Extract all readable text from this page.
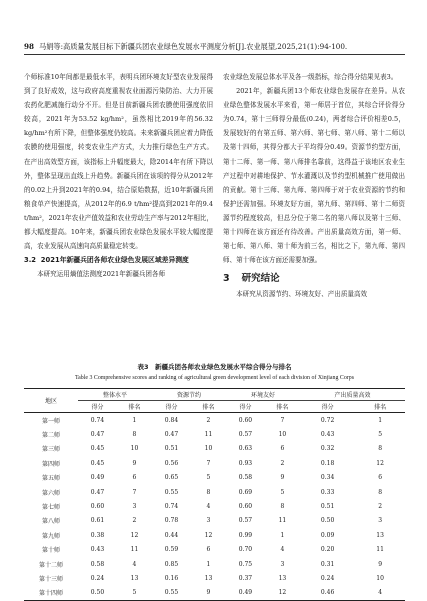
98 马娟等:高质量发展目标下新疆兵团农业绿色发展水平测度分析[J].农业展望,2025,21(1):94-100.

个师标准10年间都是最低水平，表明兵团环境友好型农业发展得到了良好成效，这与政府高度重视农业面源污染防治、大力开展农药化肥减施行动分不开。但是目前新疆兵团农膜使用强度依旧较高，2021年为53.52 kg/hm²，虽然相比2019年的56.32 kg/hm²有所下降，但整体强度仍较高。未来新疆兵团应着力降低农膜的使用强度，转变农业生产方式，大力推行绿色生产方式。在产出高效型方面，该指标上升幅度最大，除2014年有所下降以外，整体呈现出直线上升趋势。新疆兵团在该项的得分从2012年的0.02上升到2021年的0.94，结合原始数据，近10年新疆兵团粮食单产快速提高，从2012年的6.9 t/hm²提高到2021年的9.4 t/hm²，2021年农业产值效益和农业劳动生产率与2012年相比，都大幅度提高。10年来，新疆兵团农业绿色发展水平较大幅度提高，农业发展从高速向高质量稳定转变。

3.2 2021年新疆兵团各师农业绿色发展区域差异测度

本研究运用熵值法测度2021年新疆兵团各师

农业绿色发展总体水平及各一级指标，综合得分结果见表3。

2021年，新疆兵团13个师农业绿色发展存在差异。从农业绿色整体发展水平来看，第一师居于首位，其综合评价得分为0.74，第十三师得分最低(0.24)，两者综合评价相差0.5，发展较好的有第五师、第六师、第七师、第八师、第十二师以及第十四师，其得分都大于平均得分0.49。资源节约型方面，第十二师、第一师、第八师排名靠前，这得益于该地区农业生产过程中对耕地保护、节水灌溉以及节约型机械推广使用做出的贡献。第十三师、第九师、第四师于对于农业资源的节约和保护还需加强。环境友好方面，第九师、第四师、第十二师资源节约程度较高，但总分位于第二名的第八师以及第十三师、第十四师在该方面还有待改善。产出质量高效方面，第一师、第七师、第八师、第十师为前三名，相比之下，第九师、第四师、第十师在该方面还需要加强。

3 研究结论

本研究从资源节约、环境友好、产出质量高效

表3　新疆兵团各师农业绿色发展水平综合得分与排名
Table 3 Comprehensive scores and ranking of agricultural green development level of each division of Xinjiang Corps
地区	整体水平		资源节约		环境友好		产出质量高效	
	得分	排名	得分	排名	得分	排名	得分	排名
第一师	0.74	1	0.84	2	0.60	7	0.72	1
第二师	0.47	8	0.47	11	0.57	10	0.43	5
第三师	0.45	10	0.51	10	0.63	6	0.32	8
第四师	0.45	9	0.56	7	0.93	2	0.18	12
第五师	0.49	6	0.65	5	0.58	9	0.34	6
第六师	0.47	7	0.55	8	0.69	5	0.33	8
第七师	0.60	3	0.74	4	0.60	8	0.51	2
第八师	0.61	2	0.78	3	0.57	11	0.50	3
第九师	0.38	12	0.44	12	0.99	1	0.09	13
第十师	0.43	11	0.59	6	0.70	4	0.20	11
第十二师	0.58	4	0.85	1	0.75	3	0.31	9
第十三师	0.24	13	0.16	13	0.37	13	0.24	10
第十四师	0.50	5	0.55	9	0.49	12	0.46	4
